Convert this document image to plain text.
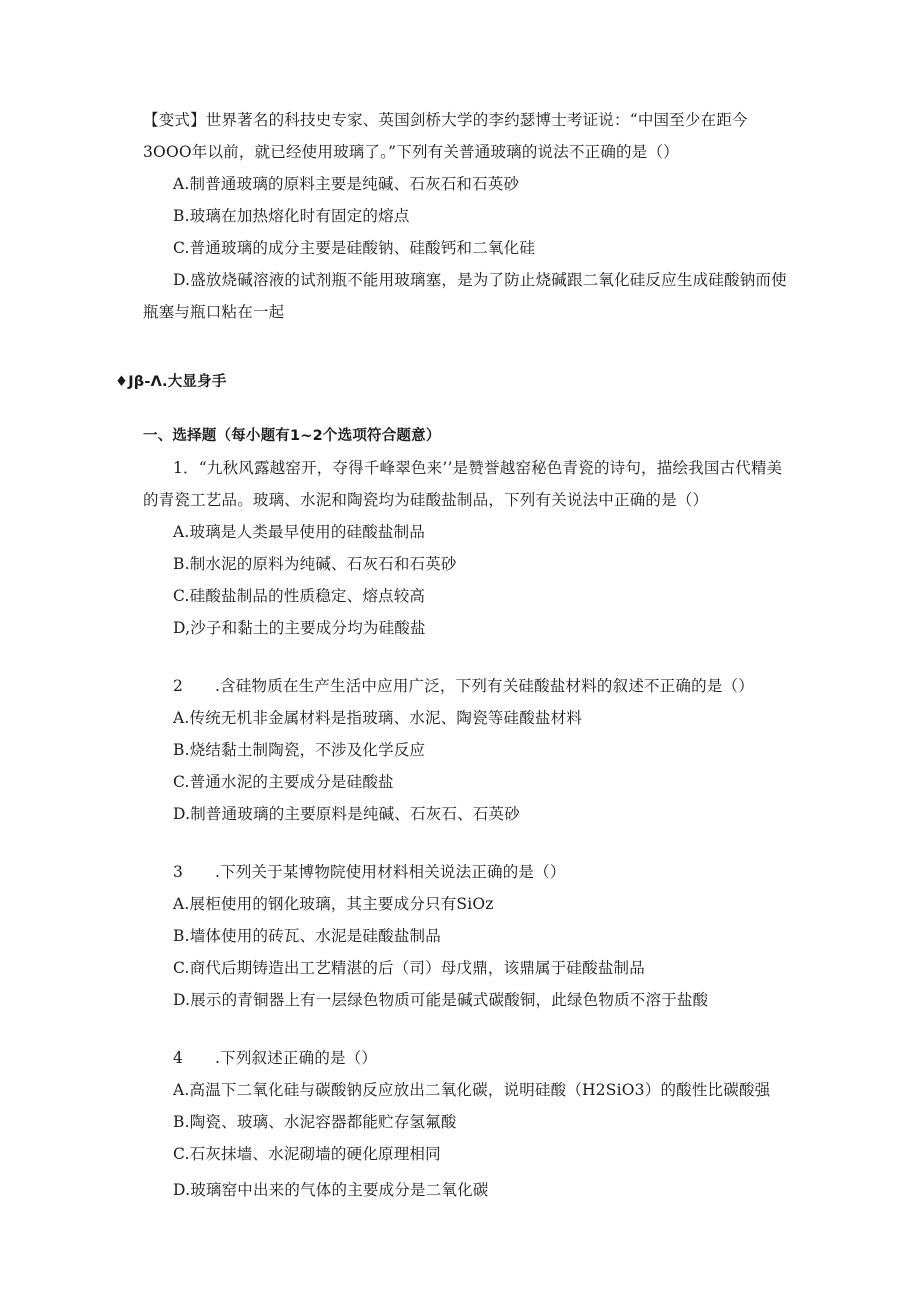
【变式】世界著名的科技史专家、英国剑桥大学的李约瑟博士考证说：“中国至少在距今
3OOO年以前，就已经使用玻璃了。”下列有关普通玻璃的说法不正确的是（）
A.制普通玻璃的原料主要是纯碱、石灰石和石英砂
B.玻璃在加热熔化时有固定的熔点
C.普通玻璃的成分主要是硅酸钠、硅酸钙和二氧化硅
D.盛放烧碱溶液的试剂瓶不能用玻璃塞，是为了防止烧碱跟二氧化硅反应生成硅酸钠而使
瓶塞与瓶口粘在一起
♦Jβ-Λ.大显身手
一、选择题（每小题有1~2个选项符合题意）
1．“九秋风露越窑开，夺得千峰翠色来’’是赞誉越窑秘色青瓷的诗句，描绘我国古代精美
的青瓷工艺品。玻璃、水泥和陶瓷均为硅酸盐制品，下列有关说法中正确的是（）
A.玻璃是人类最早使用的硅酸盐制品
B.制水泥的原料为纯碱、石灰石和石英砂
C.硅酸盐制品的性质稳定、熔点较高
D,沙子和黏土的主要成分均为硅酸盐
2 .含硅物质在生产生活中应用广泛，下列有关硅酸盐材料的叙述不正确的是（）
A.传统无机非金属材料是指玻璃、水泥、陶瓷等硅酸盐材料
B.烧结黏土制陶瓷，不涉及化学反应
C.普通水泥的主要成分是硅酸盐
D.制普通玻璃的主要原料是纯碱、石灰石、石英砂
3 .下列关于某博物院使用材料相关说法正确的是（）
A.展柜使用的钢化玻璃，其主要成分只有SiOz
B.墙体使用的砖瓦、水泥是硅酸盐制品
C.商代后期铸造出工艺精湛的后（司）母戊鼎，该鼎属于硅酸盐制品
D.展示的青铜器上有一层绿色物质可能是碱式碳酸铜，此绿色物质不溶于盐酸
4 .下列叙述正确的是（）
A.高温下二氧化硅与碳酸钠反应放出二氧化碳，说明硅酸（H2SiO3）的酸性比碳酸强
B.陶瓷、玻璃、水泥容器都能贮存氢氟酸
C.石灰抹墙、水泥砌墙的硬化原理相同
D.玻璃窑中出来的气体的主要成分是二氧化碳
